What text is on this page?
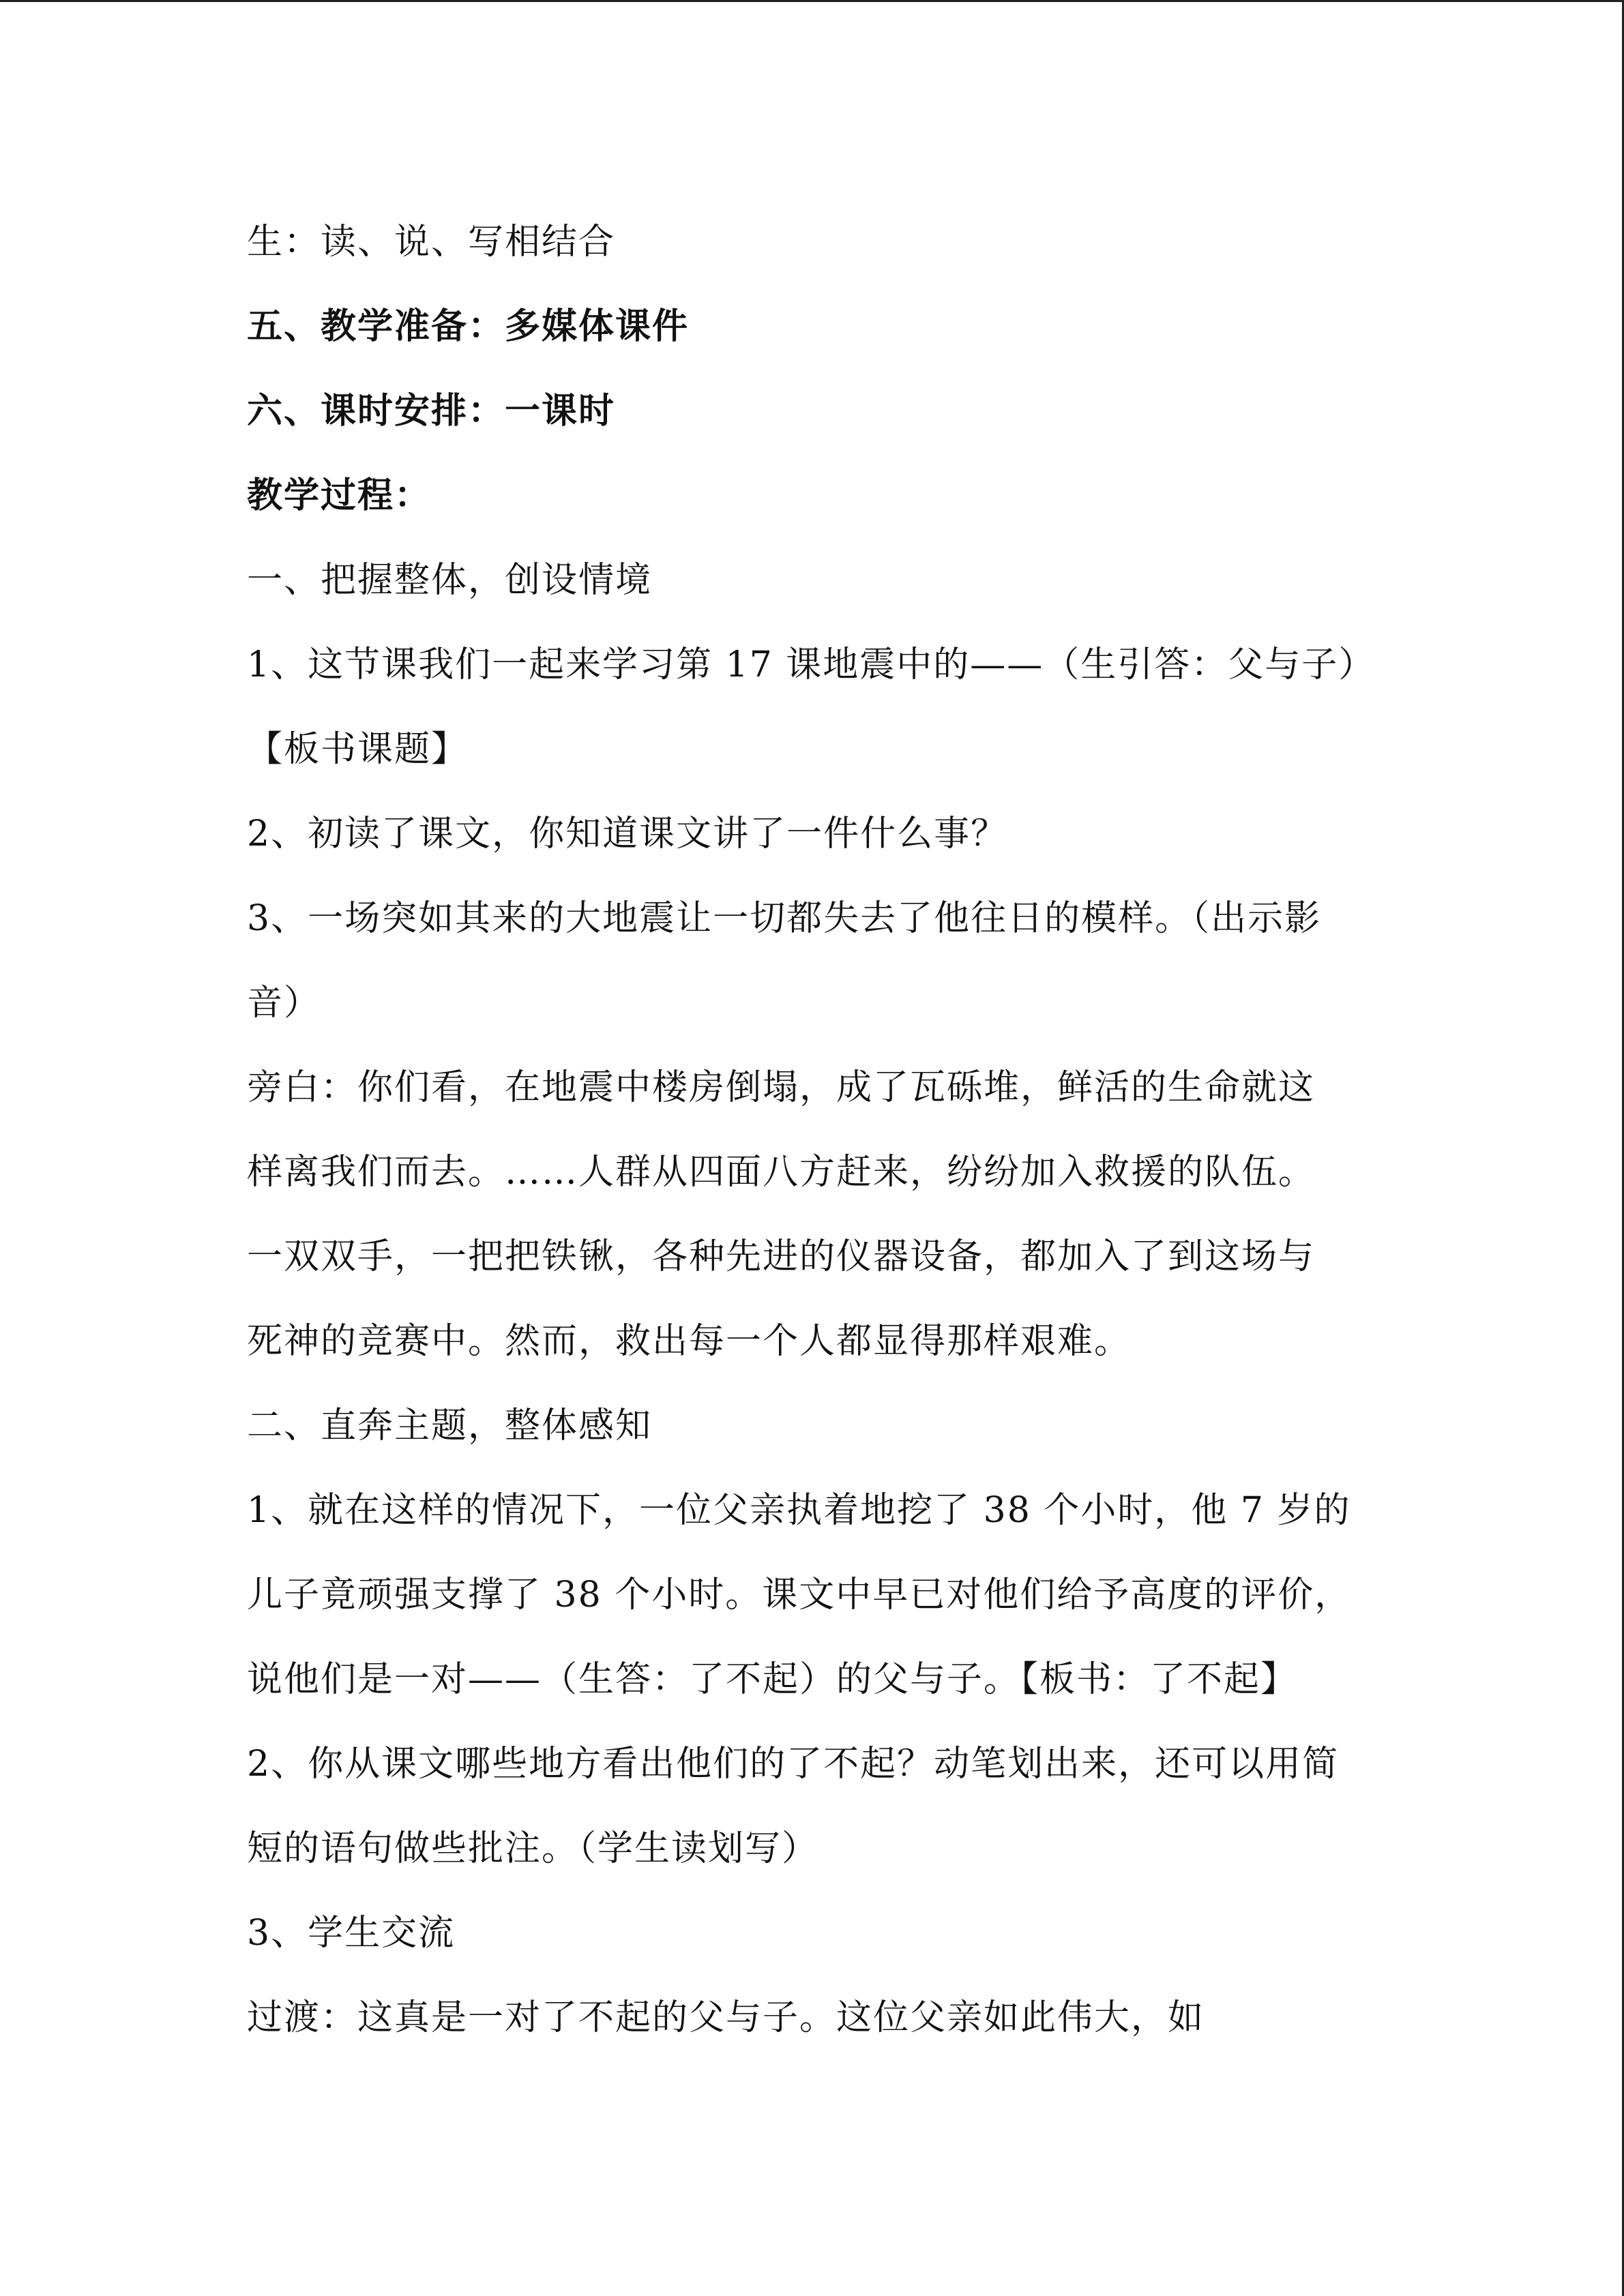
生：读、说、写相结合
五、教学准备：多媒体课件
六、课时安排：一课时
教学过程：
一、把握整体，创设情境
1、这节课我们一起来学习第 17 课地震中的——（生引答：父与子）
【板书课题】
2、初读了课文，你知道课文讲了一件什么事？
3、一场突如其来的大地震让一切都失去了他往日的模样。（出示影
音）
旁白：你们看，在地震中楼房倒塌，成了瓦砾堆，鲜活的生命就这
样离我们而去。……人群从四面八方赶来，纷纷加入救援的队伍。
一双双手，一把把铁锹，各种先进的仪器设备，都加入了到这场与
死神的竞赛中。然而，救出每一个人都显得那样艰难。
二、直奔主题，整体感知
1、就在这样的情况下，一位父亲执着地挖了 38 个小时，他 7 岁的
儿子竟顽强支撑了 38 个小时。课文中早已对他们给予高度的评价，
说他们是一对——（生答：了不起）的父与子。【板书：了不起】
2、你从课文哪些地方看出他们的了不起？动笔划出来，还可以用简
短的语句做些批注。（学生读划写）
3、学生交流
过渡：这真是一对了不起的父与子。这位父亲如此伟大，如
